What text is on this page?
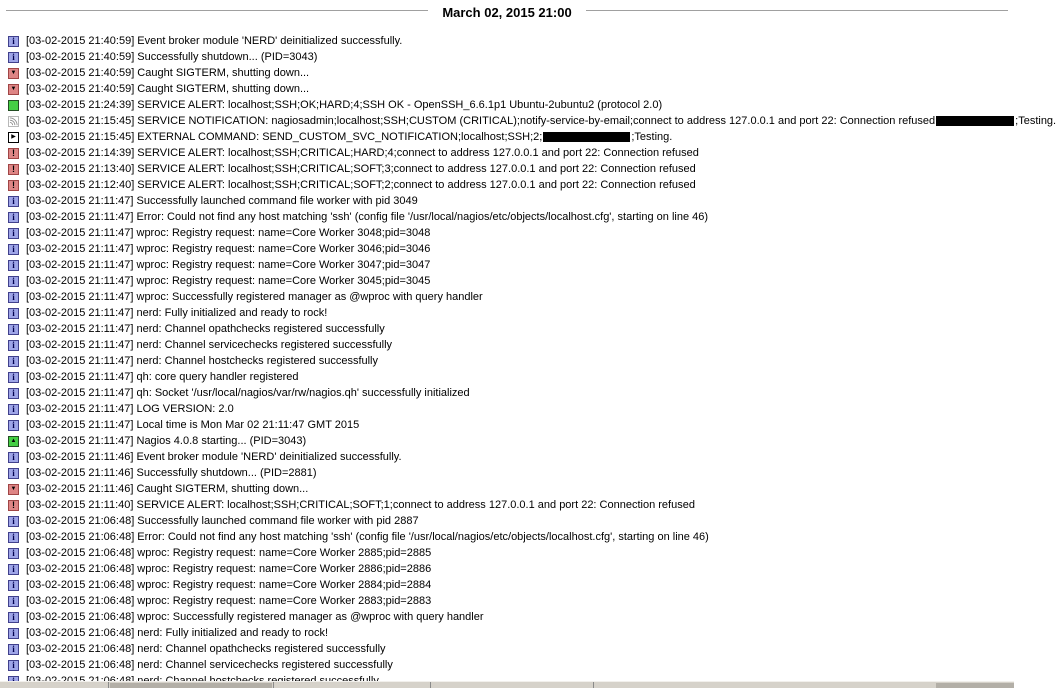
March 02, 2015 21:00
i	[03-02-2015 21:40:59] Event broker module 'NERD' deinitialized successfully.
i	[03-02-2015 21:40:59] Successfully shutdown... (PID=3043)
▼ [03-02-2015 21:40:59] Caught SIGTERM, shutting down...
▼ [03-02-2015 21:40:59] Caught SIGTERM, shutting down...
[03-02-2015 21:24:39] SERVICE ALERT: localhost;SSH;OK;HARD;4;SSH OK - OpenSSH_6.6.1p1 Ubuntu-2ubuntu2 (protocol 2.0)
[03-02-2015 21:15:45] SERVICE NOTIFICATION: nagiosadmin;localhost;SSH;CUSTOM (CRITICAL);notify-service-by-email;connect to address 127.0.0.1 and port 22: Connection refused	;Testing.
▶ [03-02-2015 21:15:45] EXTERNAL COMMAND: SEND_CUSTOM_SVC_NOTIFICATION;localhost;SSH;2;	;Testing.
!	[03-02-2015 21:14:39] SERVICE ALERT: localhost;SSH;CRITICAL;HARD;4;connect to address 127.0.0.1 and port 22: Connection refused
!	[03-02-2015 21:13:40] SERVICE ALERT: localhost;SSH;CRITICAL;SOFT;3;connect to address 127.0.0.1 and port 22: Connection refused
!	[03-02-2015 21:12:40] SERVICE ALERT: localhost;SSH;CRITICAL;SOFT;2;connect to address 127.0.0.1 and port 22: Connection refused
i	[03-02-2015 21:11:47] Successfully launched command file worker with pid 3049
i	[03-02-2015 21:11:47] Error: Could not find any host matching 'ssh' (config file '/usr/local/nagios/etc/objects/localhost.cfg', starting on line 46)
i	[03-02-2015 21:11:47] wproc: Registry request: name=Core Worker 3048;pid=3048
i	[03-02-2015 21:11:47] wproc: Registry request: name=Core Worker 3046;pid=3046
i	[03-02-2015 21:11:47] wproc: Registry request: name=Core Worker 3047;pid=3047
i	[03-02-2015 21:11:47] wproc: Registry request: name=Core Worker 3045;pid=3045
i	[03-02-2015 21:11:47] wproc: Successfully registered manager as @wproc with query handler
i	[03-02-2015 21:11:47] nerd: Fully initialized and ready to rock!
i	[03-02-2015 21:11:47] nerd: Channel opathchecks registered successfully
i	[03-02-2015 21:11:47] nerd: Channel servicechecks registered successfully
i	[03-02-2015 21:11:47] nerd: Channel hostchecks registered successfully
i	[03-02-2015 21:11:47] qh: core query handler registered
i	[03-02-2015 21:11:47] qh: Socket '/usr/local/nagios/var/rw/nagios.qh' successfully initialized
i	[03-02-2015 21:11:47] LOG VERSION: 2.0
i	[03-02-2015 21:11:47] Local time is Mon Mar 02 21:11:47 GMT 2015
▲ [03-02-2015 21:11:47] Nagios 4.0.8 starting... (PID=3043)
i	[03-02-2015 21:11:46] Event broker module 'NERD' deinitialized successfully.
i	[03-02-2015 21:11:46] Successfully shutdown... (PID=2881)
▼ [03-02-2015 21:11:46] Caught SIGTERM, shutting down...
!	[03-02-2015 21:11:40] SERVICE ALERT: localhost;SSH;CRITICAL;SOFT;1;connect to address 127.0.0.1 and port 22: Connection refused
i	[03-02-2015 21:06:48] Successfully launched command file worker with pid 2887
i	[03-02-2015 21:06:48] Error: Could not find any host matching 'ssh' (config file '/usr/local/nagios/etc/objects/localhost.cfg', starting on line 46)
i	[03-02-2015 21:06:48] wproc: Registry request: name=Core Worker 2885;pid=2885
i	[03-02-2015 21:06:48] wproc: Registry request: name=Core Worker 2886;pid=2886
i	[03-02-2015 21:06:48] wproc: Registry request: name=Core Worker 2884;pid=2884
i	[03-02-2015 21:06:48] wproc: Registry request: name=Core Worker 2883;pid=2883
i	[03-02-2015 21:06:48] wproc: Successfully registered manager as @wproc with query handler
i	[03-02-2015 21:06:48] nerd: Fully initialized and ready to rock!
i	[03-02-2015 21:06:48] nerd: Channel opathchecks registered successfully
i	[03-02-2015 21:06:48] nerd: Channel servicechecks registered successfully
